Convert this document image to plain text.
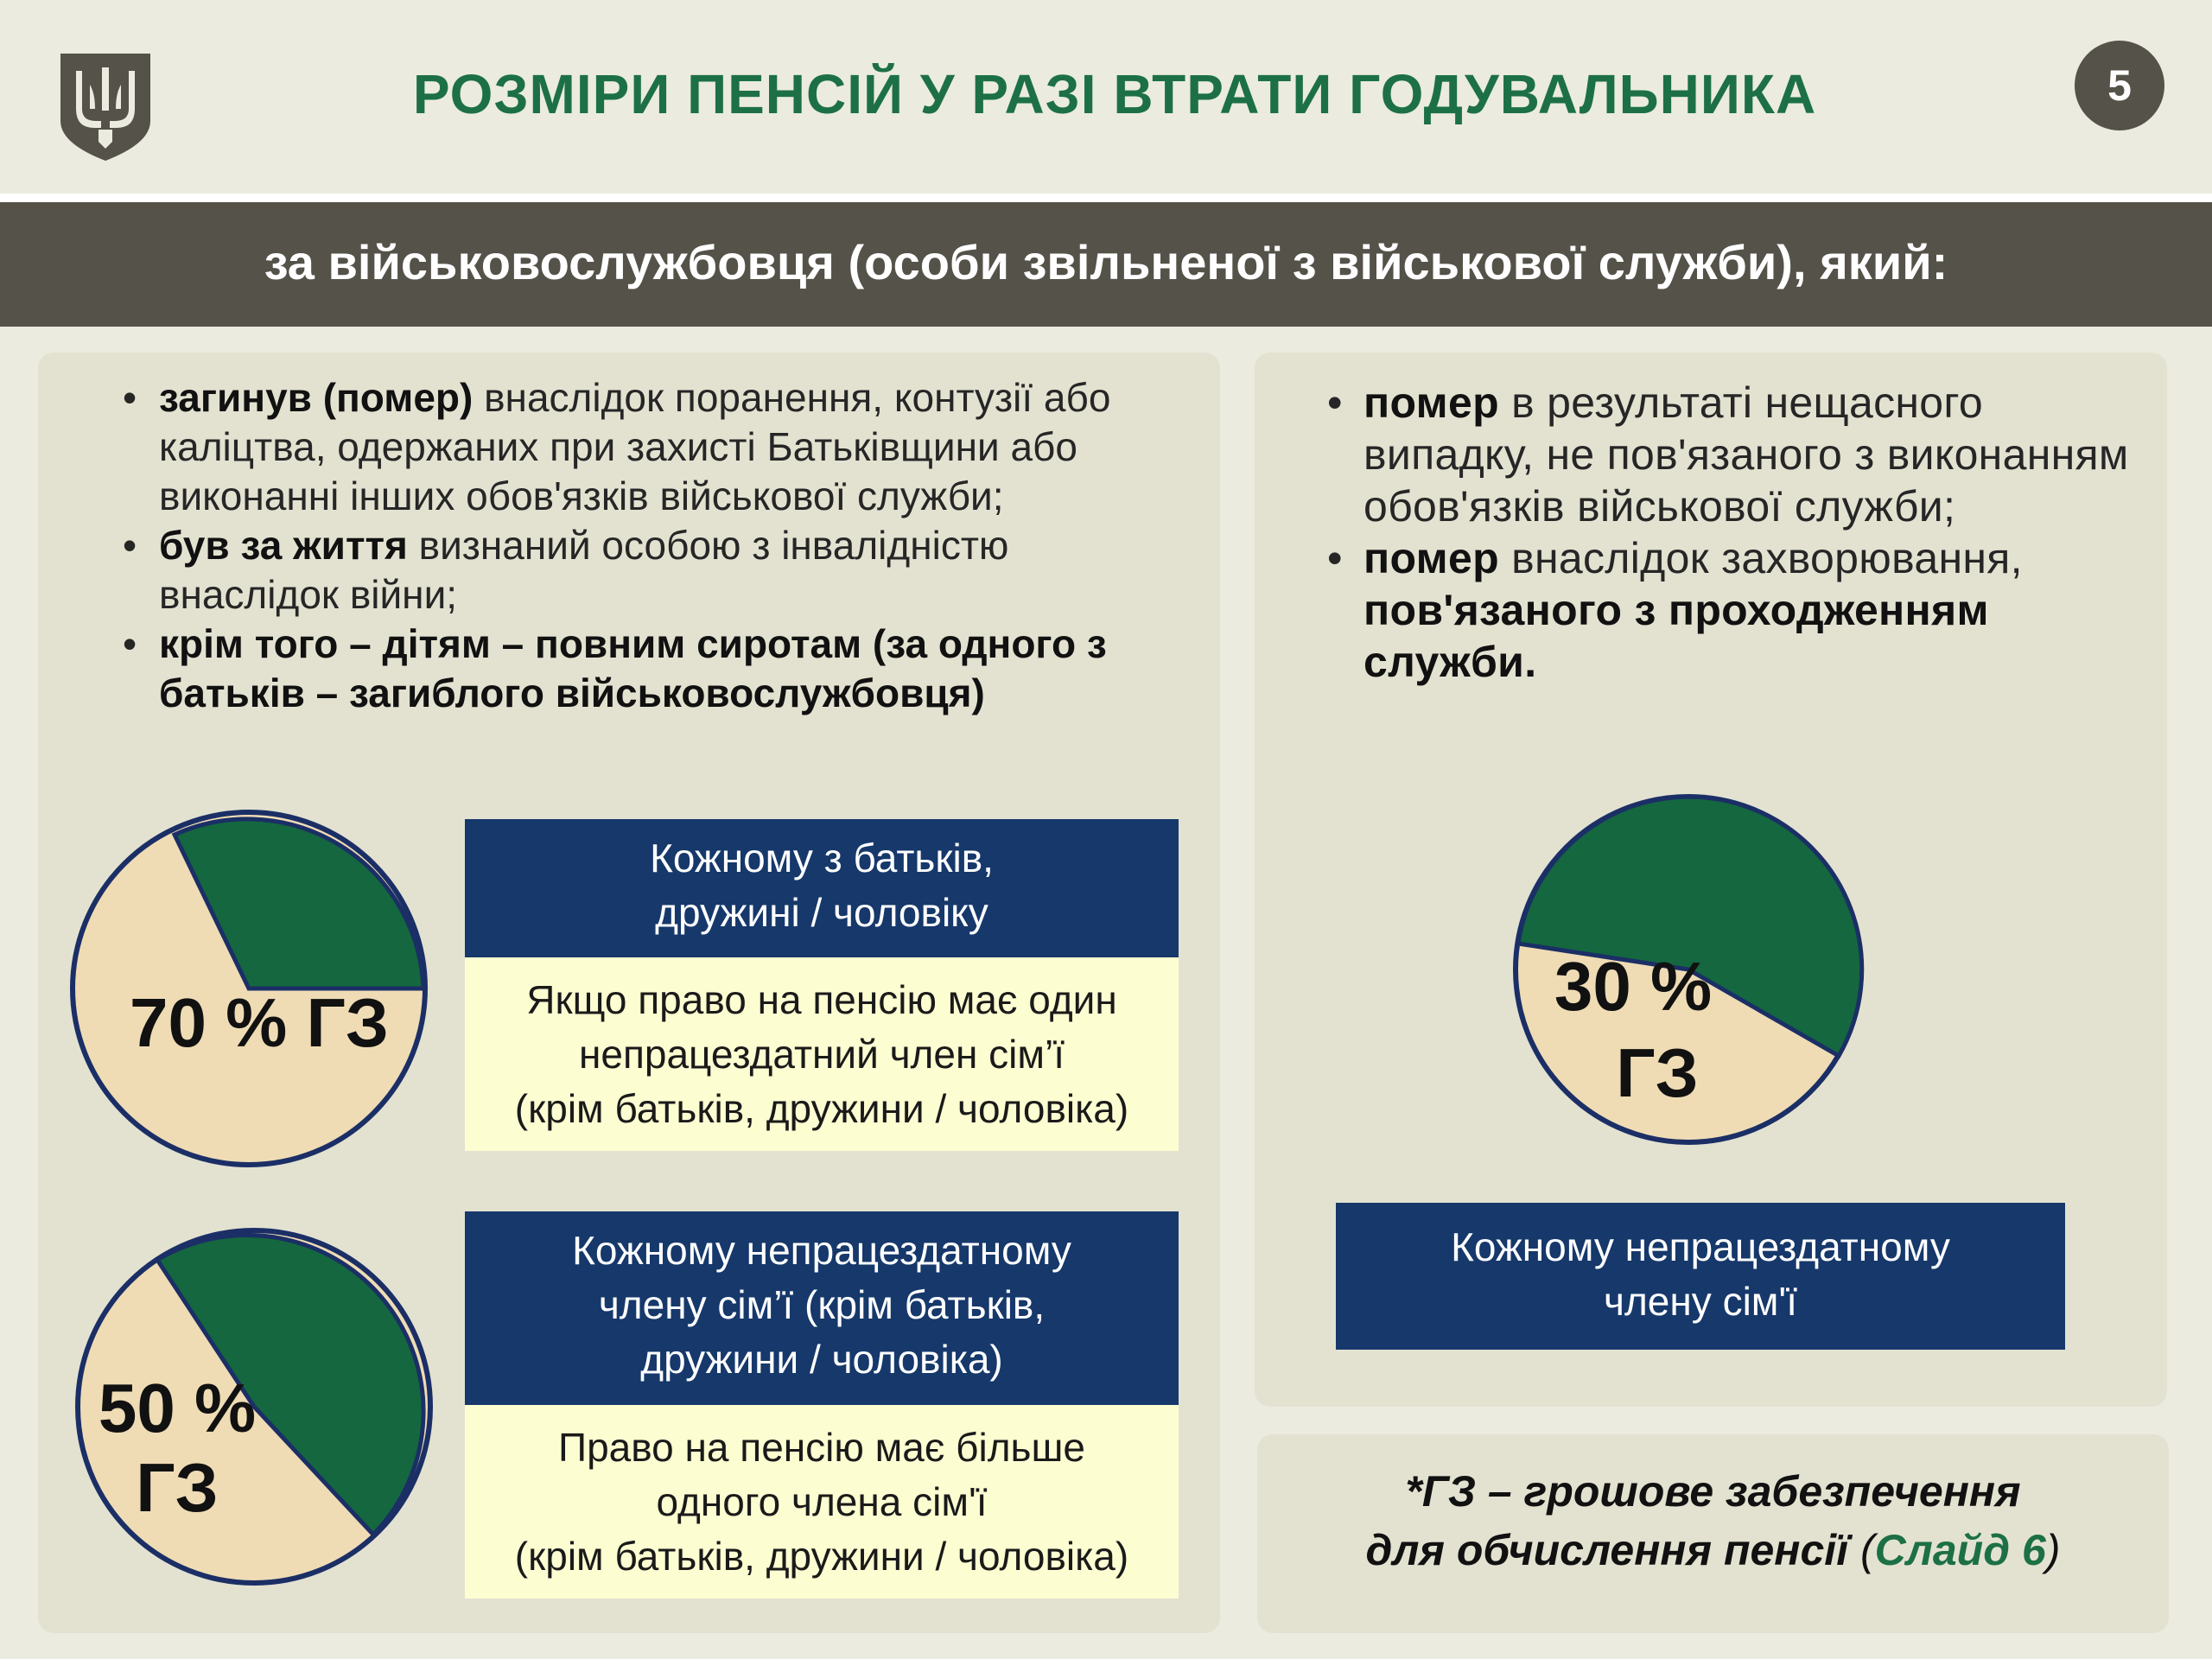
РОЗМІРИ ПЕНСІЙ У РАЗІ ВТРАТИ ГОДУВАЛЬНИКА	5
за військовослужбовця (особи звільненої з військової служби), який:
• загинув (помер) внаслідок поранення, контузії або каліцтва, одержаних при захисті Батьківщини або виконанні інших обов'язків військової служби;
• був за життя визнаний особою з інвалідністю внаслідок війни;
• крім того – дітям – повним сиротам (за одного з батьків – загиблого військовослужбовця)
70 % ГЗ
Кожному з батьків,
дружині / чоловіку
Якщо право на пенсію має один
непрацездатний член сім’ї
(крім батьків, дружини / чоловіка)
50 %
ГЗ
Кожному непрацездатному
члену сім’ї (крім батьків,
дружини / чоловіка)
Право на пенсію має більше
одного члена сім'ї
(крім батьків, дружини / чоловіка)
• помер в результаті нещасного випадку, не пов'язаного з виконанням обов'язків військової служби;
• помер внаслідок захворювання, пов'язаного з проходженням служби.
30 %
ГЗ
Кожному непрацездатному
члену сім'ї
*ГЗ – грошове забезпечення
для обчислення пенсії (Слайд 6)
